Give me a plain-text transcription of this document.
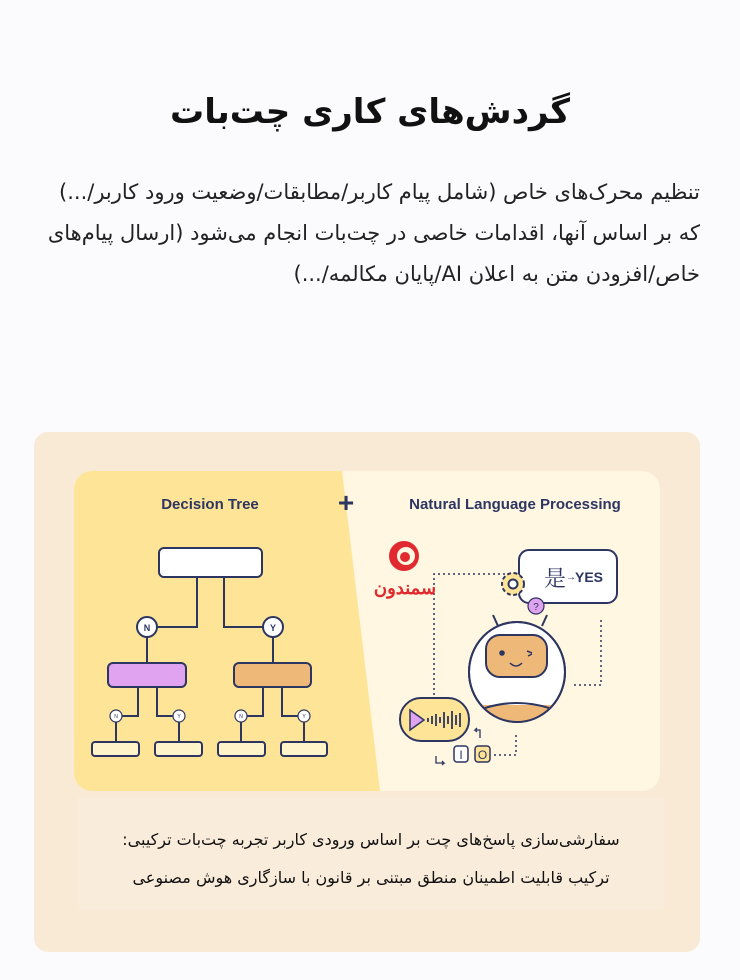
گردش‌های کاری چت‌بات

تنظیم محرک‌های خاص (شامل پیام کاربر/مطابقات/وضعیت ورود کاربر/...) که بر اساس آنها، اقدامات خاصی در چت‌بات انجام می‌شود (ارسال پیام‌های خاص/افزودن متن به اعلان AI/پایان مکالمه/...)

Decision Tree	+	Natural Language Processing
N	Y
N	Y	N	Y
سمندون	是 → YES
?
I O

سفارشی‌سازی پاسخ‌های چت بر اساس ورودی کاربر تجربه چت‌بات ترکیبی:

ترکیب قابلیت اطمینان منطق مبتنی بر قانون با سازگاری هوش مصنوعی
